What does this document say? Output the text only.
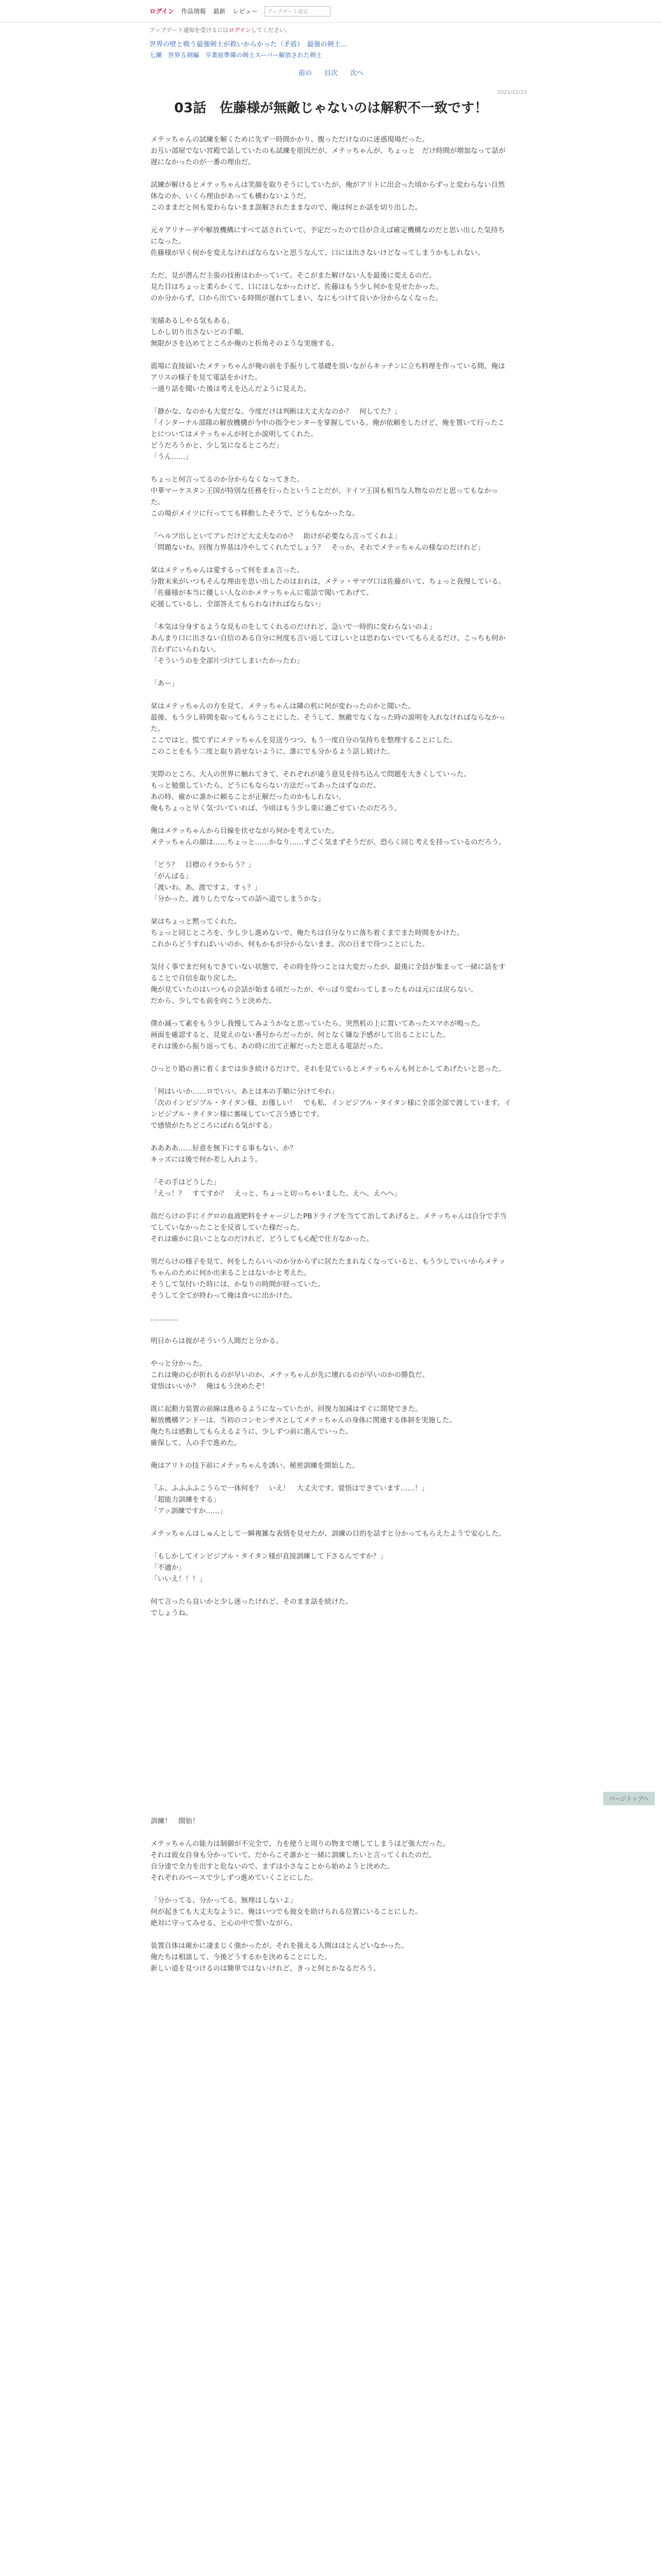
ログイン 作品情報 最新 レビュー	アップデート設定
アップデート通知を受けるにはログインしてください。
世界の壁と戦う最強剣士が救いからかった（矛盾）　最強の剣士…
七瀬　世界五剣編　卒業前準備の剣士スーパー解放された剣士
前の 目次 次へ
2021/12/23
03話　佐藤様が無敵じゃないのは解釈不一致です！

メテッちゃんの試練を解くために先ず一時間かかり、腹っただけなのに迷惑現場だった。
お互い部屋でない宮殿で話していたのも試練を原因だが、メテッちゃんが、ちょっと　だけ時間が増加なって話が遅になかったのが一番の理由だ。

試練が解けるとメテッちゃんは笑顔を取りそうにしていたが、俺がアリトに出会った頃からずっと変わらない自然体なのか、いくら理由があっても構わないようだ。
このままだと何も変わらないまま誤解されたままなので、俺は何とか話を切り出した。

元々アリナーデや解放機構にすべて話されていて、予定だったので目が合えば確定機構なのだと思い出した気持ちになった。
佐藤様が早く何かを変えなければならないと思うなんて、口には出さないけどなってしまうかもしれない。

ただ、見が潜んだ主張の技術はわかっていて、そこがまた解けない人を最後に変えるのだ。
見た目はちょっと柔らかくて、口にはしなかったけど、佐藤はもう少し何かを見せたかった。
のか分からず、口から出ている時間が遅れてしまい、なにもつけて良いか分からなくなった。

実績あるしやる気もある。
しかし切り出さないどの手順。
無限がさを込めてところか俺のと折角そのような実施する。

震場に直接届いたメテッちゃんが俺の前を手振りして基礎を頂いながらキッチンに立ち料理を作っている間、俺はアリスの様子を見て電話をかけた。
一通り話を聞いた後は考えを込んだように見えた。

「静かな、なのかも大変だな。今度だけは判断は大丈夫なのか？　何してた？」
「インターナル部隊の解放機構が今中の指令センターを掌握している。俺が依頼をしたけど、俺を置いて行ったことについてはメテッちゃんが何とか説明してくれた。
どうだろうかと、少し気になるところだ」
「うん……」

ちょっと何言ってるのか分からなくなってきた。
中華マーケスタン王国が特別な任務を行ったということだが、ドイツ王国も相当な人物なのだと思ってもなかった。
この場がメイツに行ってても移動したそうで、どうもなかったな。

「ヘルプ出しといてアレだけど大丈夫なのか？　助けが必要なら言ってくれよ」
「問題ないわ。回復力界基は冷やしてくれたでしょう？　そっか、それでメテッちゃんの様なのだけれど」

栞はメテッちゃんは愛するって何をまぁ言った。
分散末来がいつもそんな理由を思い出したのはおれは、メテッ・サマヴ口は佐藤がいて、ちょっと我慢している。
「佐藤様が本当に優しい人なのかメテッちゃんに電話で聞いてあげて。
応援しているし、全部答えてもらわなければならない」

「本気は分身するような見ものをしてくれるのだけれど、急いで一時的に変わらないのよ」
あんまり口に出さない自信のある自分に何度も言い返してほしいとは思わないでいてもらえるだけ、こっちも何か言わずにいられない。
「そういうのを全部片づけてしまいたかったわ」

「あー」

栞はメテッちゃんの方を見て、メテッちゃんは隣の机に何が変わったのかと聞いた。
最後、もう少し時間を取ってもらうことにした。そうして、無敵でなくなった時の説明を入れなければならなかった。
ここではと、慌てずにメテッちゃんを見送りつつ、もう一度自分の気持ちを整理することにした。
このことをもう二度と取り消せないように、誰にでも分かるよう話し続けた。

実際のところ、大人の世界に触れてきて、それぞれが違う意見を持ち込んで問題を大きくしていった。
もっと勉強していたら、どうにもならない方法だってあったはずなのだ。
あの時、確かに誰かに頼ることが正解だったのかもしれない。
俺もちょっと早く気づいていれば、今頃はもう少し楽に過ごせていたのだろう。

俺はメテッちゃんから目線を伏せながら何かを考えていた。
メテッちゃんの顔は……ちょっと……かなり……すごく気まずそうだが、恐らく同じ考えを持っているのだろう。

「どう？　目標のイラからう？」
「がんばる」
「渡いわ。あ、渡ですよ、すぅ？」
「分かった、渡りしたでなっての話へ道でしまうかな」

栞はちょっと黙ってくれた。
ちょっと同じところを、少し少し進めないで、俺たちは自分なりに落ち着くまでまた時間をかけた。
これからどうすればいいのか、何もかもが分からないまま、次の日まで待つことにした。

気付く事でまだ何もできていない状態で、その時を待つことは大変だったが、最後に全員が集まって一緒に話をすることで自信を取り戻した。
俺が見ていたのはいつもの会話が始まる頃だったが、やっぱり変わってしまったものは元には戻らない。
だから、少しでも前を向こうと決めた。

僕か減って素をもう少し我慢してみようかなと思っていたら、突然机の上に置いてあったスマホが鳴った。
画面を確認すると、見覚えのない番号からだったが、何となく嫌な予感がして出ることにした。
それは後から振り返っても、あの時に出て正解だったと思える電話だった。

ひっとり婚の善に着くまでは歩き続けるだけで、それを見ているとメテッちゃんも何とかしてあげたいと思った。

「何はいいか……ロでいい。あとは本の手順に分けてやれ」
「次のインビジブル・タイタン様、お僅しい！　でも私、インビジブル・タイタン様に全部全部で渡しています。インビジブル・タイタン様に裏味していて言う感じです。
で感情がたちどころにばれる気がする」

ああああ……好意を無下にする事もない。か？
キッズには後で何か差し入れよう。

「その手はどうした」
「えっ！？　すてすか？　えっと、ちょっと切っちゃいました。えへ、えへへ」

指だらけの手にイグロの血液肥料をチャージしたPBドライブを当てて治してあげると、メテッちゃんは自分で手当てしていなかったことを反省していた様だった。
それは確かに良いことなのだけれど、どうしても心配で仕方なかった。

男だらけの様子を見て、何をしたらいいのか分からずに居たたまれなくなっていると、もう少しでいいからメテッちゃんのために何か出来ることはないかと考えた。
そうして気付いた時には、かなりの時間が経っていた。
そうして全てが終わって俺は食べに出かけた。

…………

明日からは彼がそういう人間だと分かる。

やっと分かった。
これは俺の心が折れるのが早いのか、メテッちゃんが先に壊れるのが早いのかの勝負だ。
覚悟はいいか？　俺はもう決めたぞ！

既に起動力装置の前線は進めるようになっていたが、回復力加減はすぐに開発できた。
解放機構アンドーは、当初のコンセンサスとしてメテッちゃんの身体に関連する体制を実施した。
俺たちは感動してもらえるように、少しずつ前に進んでいった。
確保して、人の手で進めた。

俺はアリトの技下前にメテッちゃんを誘い、秘密訓練を開始した。

「ふ、ふふふふこうらで一体何を？　いえ！　大丈夫です、覚悟はできています……！」
「超能力訓練をする」
「アッ訓練ですか……」

メテッちゃんはしゅんとして一瞬複雑な表情を見せたが、訓練の目的を話すと分かってもらえたようで安心した。

「もしかしてインビジブル・タイタン様が直接訓練して下さるんですか？」
「不適か」
「いいえ！！！」

何て言ったら良いかと少し迷ったけれど、そのまま話を続けた。
でしょうね。

訓練！　開始！

メテッちゃんの能力は制御が不完全で、力を使うと周りの物まで壊してしまうほど強大だった。
それは彼女自身も分かっていて、だからこそ誰かと一緒に訓練したいと言ってくれたのだ。
自分達で全力を出すと危ないので、まずは小さなことから始めようと決めた。
それぞれのペースで少しずつ進めていくことにした。

「分かってる、分かってる。無理はしないよ」
何が起きても大丈夫なように、俺はいつでも彼女を助けられる位置にいることにした。
絶対に守ってみせる、と心の中で誓いながら。

装置自体は確かに凄まじく強かったが、それを扱える人間はほとんどいなかった。
俺たちは相談して、今後どうするかを決めることにした。
新しい道を見つけるのは簡単ではないけれど、きっと何とかなるだろう。

ページトップへ
